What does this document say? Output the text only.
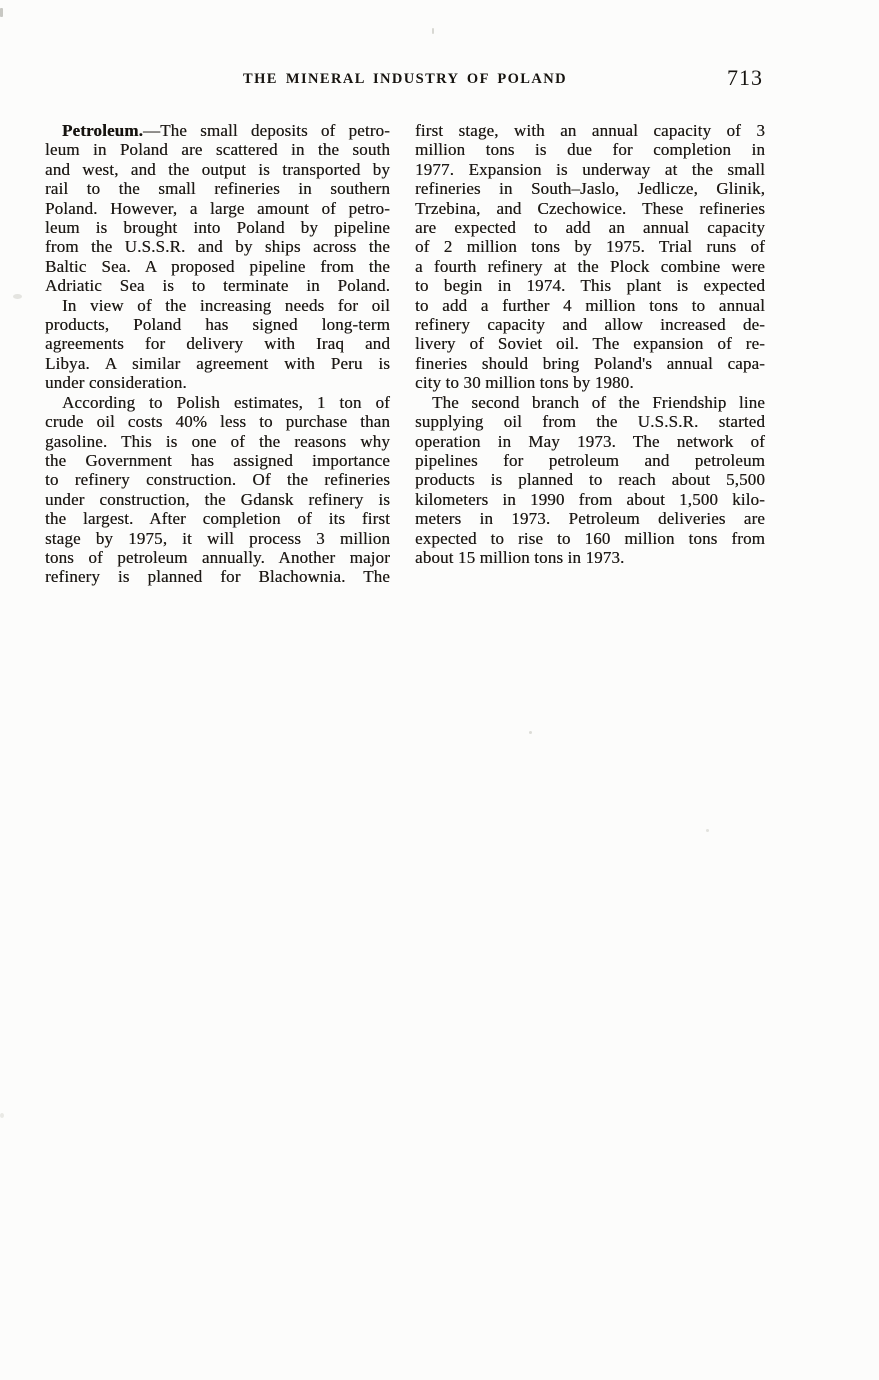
THE MINERAL INDUSTRY OF POLAND	713
Petroleum.—The small deposits of petro-
leum in Poland are scattered in the south
and west, and the output is transported by
rail to the small refineries in southern
Poland. However, a large amount of petro-
leum is brought into Poland by pipeline
from the U.S.S.R. and by ships across the
Baltic Sea. A proposed pipeline from the
Adriatic Sea is to terminate in Poland.
In view of the increasing needs for oil
products, Poland has signed long-term
agreements for delivery with Iraq and
Libya. A similar agreement with Peru is
under consideration.
According to Polish estimates, 1 ton of
crude oil costs 40% less to purchase than
gasoline. This is one of the reasons why
the Government has assigned importance
to refinery construction. Of the refineries
under construction, the Gdansk refinery is
the largest. After completion of its first
stage by 1975, it will process 3 million
tons of petroleum annually. Another major
refinery is planned for Blachownia. The
first stage, with an annual capacity of 3
million tons is due for completion in
1977. Expansion is underway at the small
refineries in South–Jaslo, Jedlicze, Glinik,
Trzebina, and Czechowice. These refineries
are expected to add an annual capacity
of 2 million tons by 1975. Trial runs of
a fourth refinery at the Plock combine were
to begin in 1974. This plant is expected
to add a further 4 million tons to annual
refinery capacity and allow increased de-
livery of Soviet oil. The expansion of re-
fineries should bring Poland's annual capa-
city to 30 million tons by 1980.
The second branch of the Friendship line
supplying oil from the U.S.S.R. started
operation in May 1973. The network of
pipelines for petroleum and petroleum
products is planned to reach about 5,500
kilometers in 1990 from about 1,500 kilo-
meters in 1973. Petroleum deliveries are
expected to rise to 160 million tons from
about 15 million tons in 1973.
